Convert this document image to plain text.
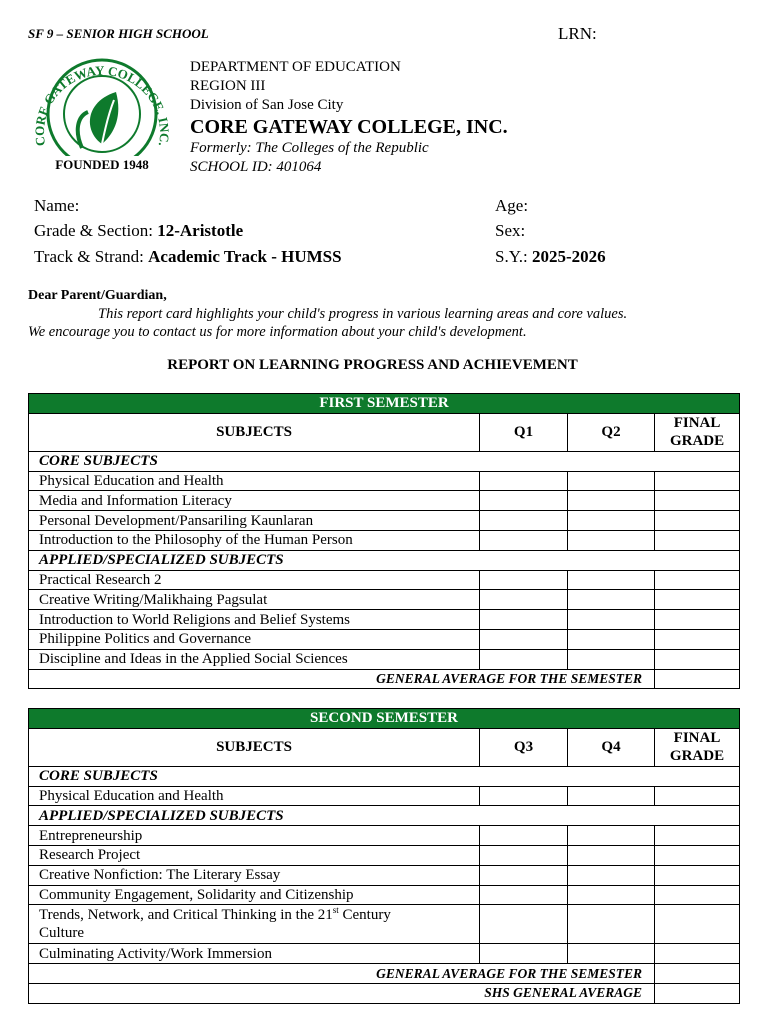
SF 9 – SENIOR HIGH SCHOOL	LRN:
CORE GATEWAY COLLEGE, INC.
FOUNDED 1948
DEPARTMENT OF EDUCATION
REGION III
Division of San Jose City
CORE GATEWAY COLLEGE, INC.
Formerly: The Colleges of the Republic
SCHOOL ID: 401064
Name:
Grade & Section: 12-Aristotle
Track & Strand: Academic Track - HUMSS
Age:
Sex:
S.Y.: 2025-2026
Dear Parent/Guardian,
This report card highlights your child's progress in various learning areas and core values.
We encourage you to contact us for more information about your child's development.
REPORT ON LEARNING PROGRESS AND ACHIEVEMENT
FIRST SEMESTER			
SUBJECTS	Q1	Q2	FINAL
GRADE

CORE SUBJECTS			
Physical Education and Health			
Media and Information Literacy			
Personal Development/Pansariling Kaunlaran			
Introduction to the Philosophy of the Human Person			
APPLIED/SPECIALIZED SUBJECTS			
Practical Research 2			
Creative Writing/Malikhaing Pagsulat			
Introduction to World Religions and Belief Systems			
Philippine Politics and Governance			
Discipline and Ideas in the Applied Social Sciences			
GENERAL AVERAGE FOR THE SEMESTER			
SECOND SEMESTER			
SUBJECTS	Q3	Q4	FINAL
GRADE

CORE SUBJECTS			
Physical Education and Health			
APPLIED/SPECIALIZED SUBJECTS			
Entrepreneurship			
Research Project			
Creative Nonfiction: The Literary Essay			
Community Engagement, Solidarity and Citizenship			
Trends, Network, and Critical Thinking in the 21st Century
Culture			
Culminating Activity/Work Immersion			
GENERAL AVERAGE FOR THE SEMESTER			
SHS GENERAL AVERAGE			
